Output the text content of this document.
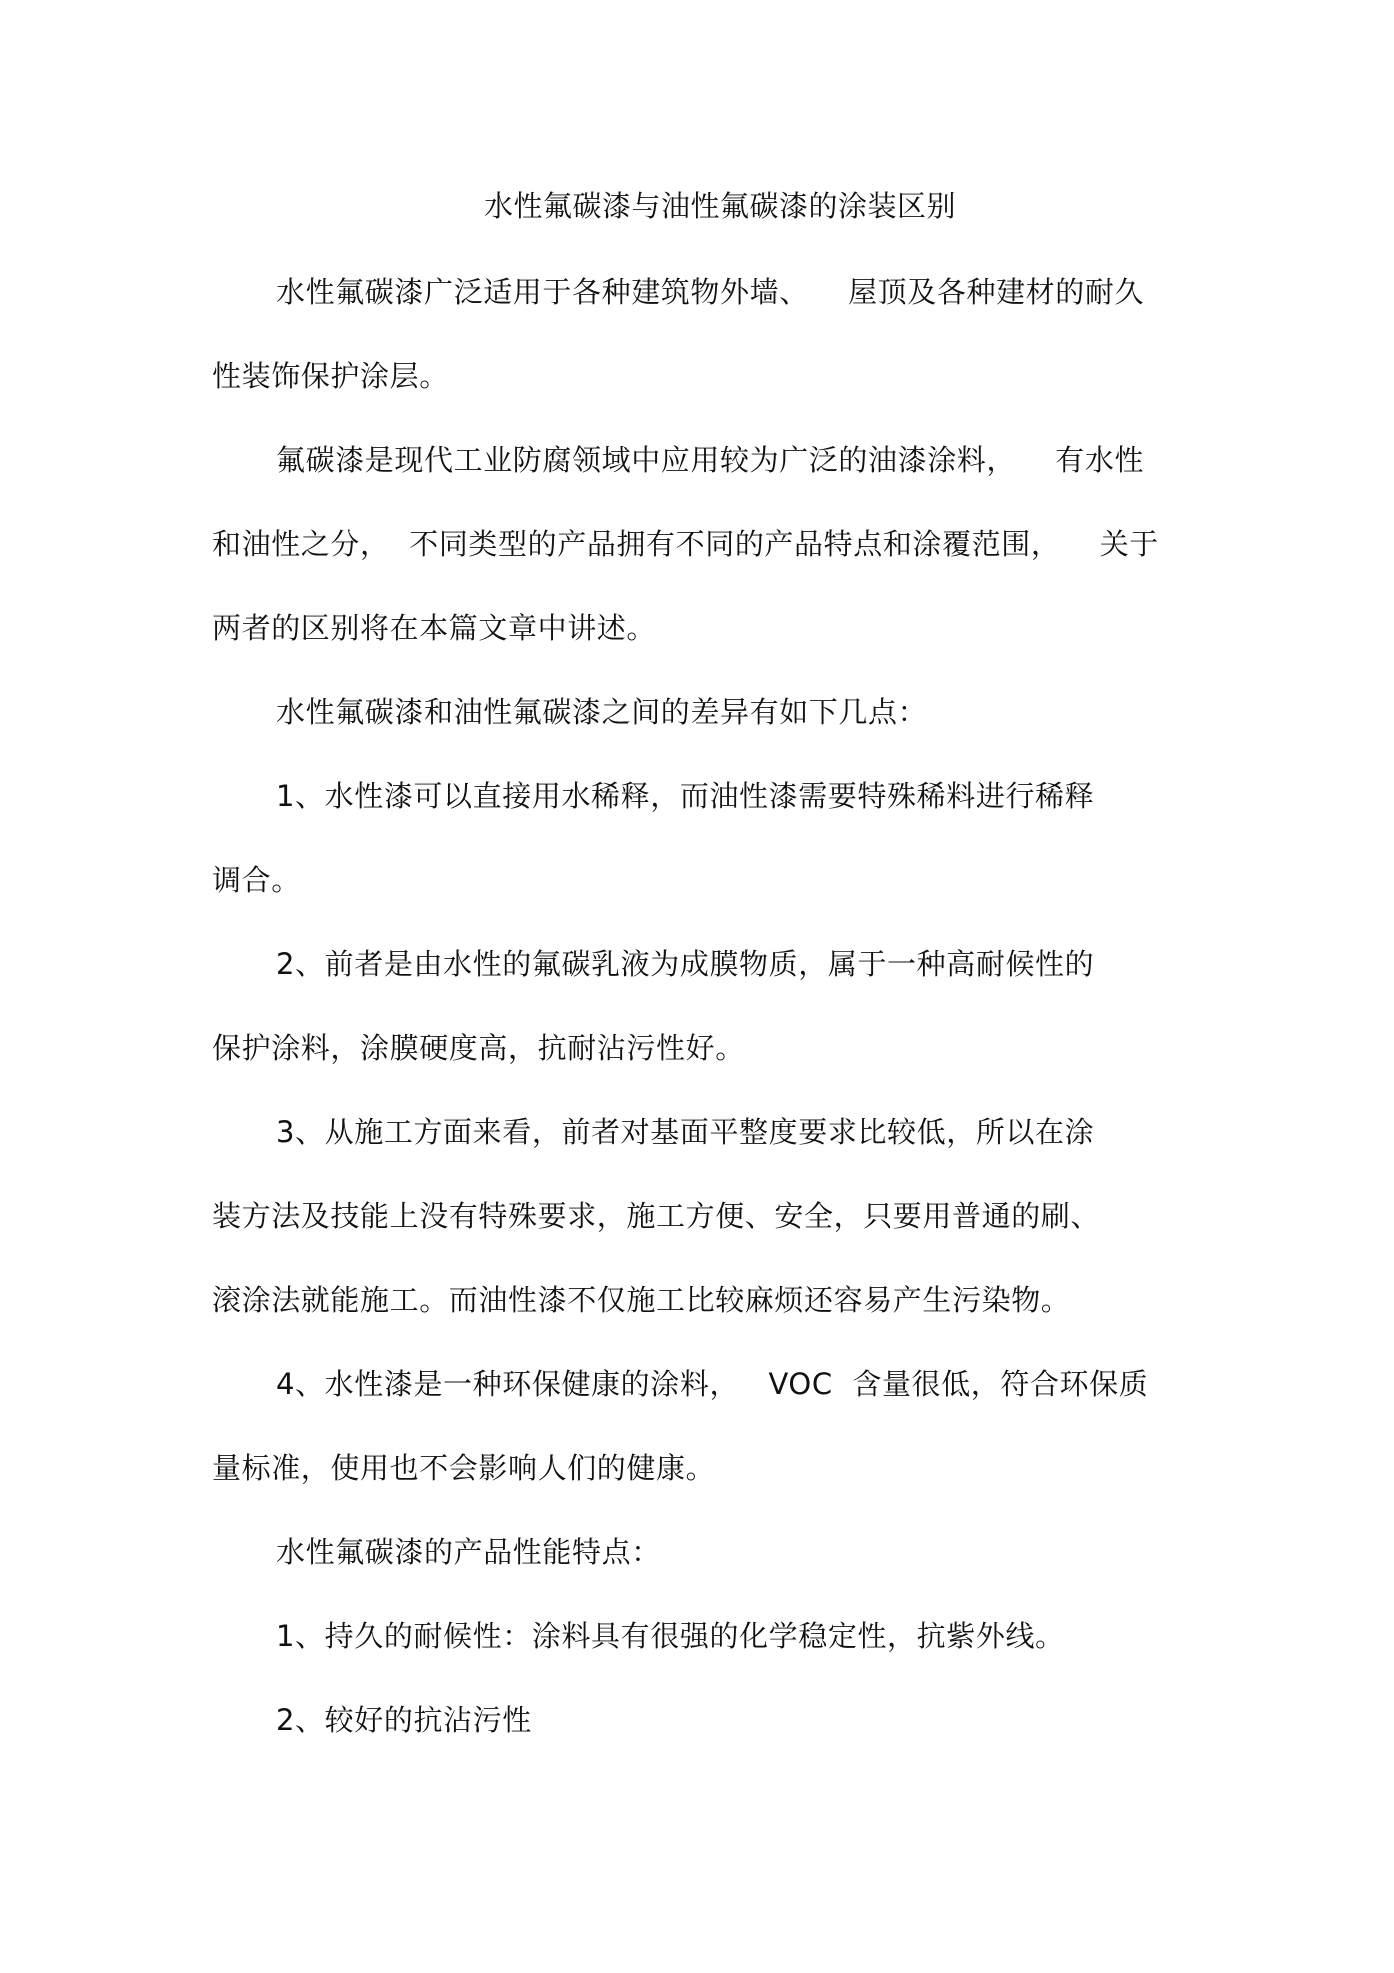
水性氟碳漆与油性氟碳漆的涂装区别

水性氟碳漆广泛适用于各种建筑物外墙、    屋顶及各种建材的耐久

性装饰保护涂层。

氟碳漆是现代工业防腐领域中应用较为广泛的油漆涂料，    有水性

和油性之分，  不同类型的产品拥有不同的产品特点和涂覆范围，    关于

两者的区别将在本篇文章中讲述。

水性氟碳漆和油性氟碳漆之间的差异有如下几点：

1、水性漆可以直接用水稀释，而油性漆需要特殊稀料进行稀释

调合。

2、前者是由水性的氟碳乳液为成膜物质，属于一种高耐候性的

保护涂料，涂膜硬度高，抗耐沾污性好。

3、从施工方面来看，前者对基面平整度要求比较低，所以在涂

装方法及技能上没有特殊要求，施工方便、安全，只要用普通的刷、

滚涂法就能施工。而油性漆不仅施工比较麻烦还容易产生污染物。

4、水性漆是一种环保健康的涂料，   VOC  含量很低，符合环保质

量标准，使用也不会影响人们的健康。

水性氟碳漆的产品性能特点：

1、持久的耐候性：涂料具有很强的化学稳定性，抗紫外线。

2、较好的抗沾污性
